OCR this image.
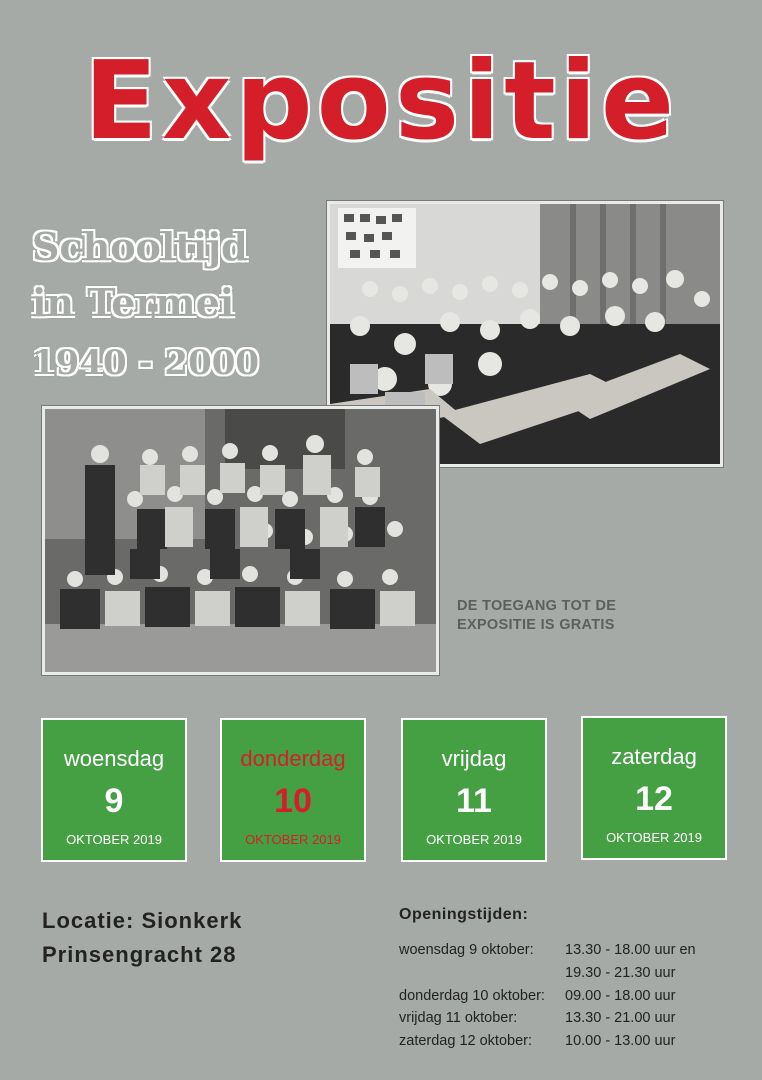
Expositie
Schooltijd
in Termei
1940 - 2000
DE TOEGANG TOT DE
EXPOSITIE IS GRATIS
woensdag
9
OKTOBER 2019
donderdag
10
OKTOBER 2019
vrijdag
11
OKTOBER 2019
zaterdag
12
OKTOBER 2019
Locatie: Sionkerk
Prinsengracht 28
Openingstijden:
woensdag 9 oktober: 13.30 - 18.00 uur en
19.30 - 21.30 uur
donderdag 10 oktober: 09.00 - 18.00 uur
vrijdag 11 oktober:	13.30 - 21.00 uur
zaterdag 12 oktober: 10.00 - 13.00 uur
